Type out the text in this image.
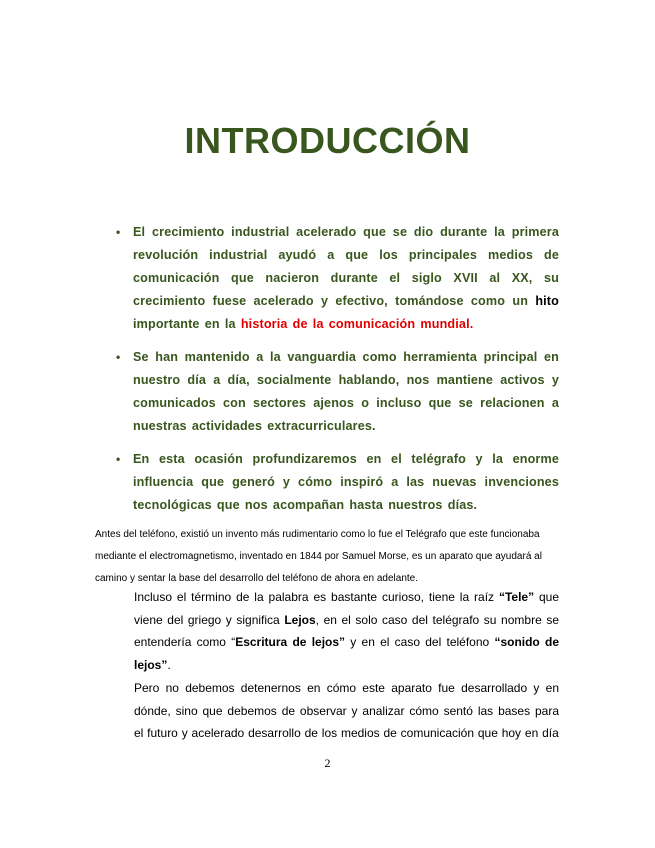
INTRODUCCIÓN
• El crecimiento industrial acelerado que se dio durante la primera revolución industrial ayudó a que los principales medios de comunicación que nacieron durante el siglo XVII al XX, su crecimiento fuese acelerado y efectivo, tomándose como un hito importante en la historia de la comunicación mundial.
• Se han mantenido a la vanguardia como herramienta principal en nuestro día a día, socialmente hablando, nos mantiene activos y comunicados con sectores ajenos o incluso que se relacionen a nuestras actividades extracurriculares.
• En esta ocasión profundizaremos en el telégrafo y la enorme influencia que generó y cómo inspiró a las nuevas invenciones tecnológicas que nos acompañan hasta nuestros días.

Antes del teléfono, existió un invento más rudimentario como lo fue el Telégrafo que este funcionaba mediante el electromagnetismo, inventado en 1844 por Samuel Morse, es un aparato que ayudará al camino y sentar la base del desarrollo del teléfono de ahora en adelante.

Incluso el término de la palabra es bastante curioso, tiene la raíz “Tele” que viene del griego y significa Lejos, en el solo caso del telégrafo su nombre se entendería como “Escritura de lejos” y en el caso del teléfono “sonido de lejos”.

Pero no debemos detenernos en cómo este aparato fue desarrollado y en dónde, sino que debemos de observar y analizar cómo sentó las bases para el futuro y acelerado desarrollo de los medios de comunicación que hoy en día

2
